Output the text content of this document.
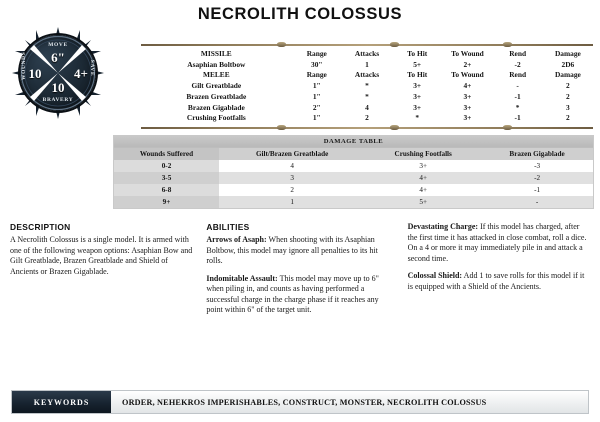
NECROLITH COLOSSUS
MOVE
6"
WOUNDS 10	SAVE
4+
BRAVERY
10
MISSILE	Range	Attacks	To Hit	To Wound	Rend	Damage
Asaphian Boltbow	30"	1	5+	2+	-2	2D6
MELEE	Range	Attacks	To Hit	To Wound	Rend	Damage
Gilt Greatblade	1"	*	3+	4+	-	2
Brazen Greatblade	1"	*	3+	3+	-1	2
Brazen Gigablade	2"	4	3+	3+	*	3
Crushing Footfalls	1"	2	*	3+	-1	2
DAMAGE TABLE
Wounds Suffered	Gilt/Brazen Greatblade	Crushing Footfalls	Brazen Gigablade
0-2	4	3+	-3
3-5	3	4+	-2
6-8	2	4+	-1
9+	1	5+	-
DESCRIPTION

A Necrolith Colossus is a single model. It is armed with one of the following weapon options: Asaphian Bow and Gilt Greatblade, Brazen Greatblade and Shield of Ancients or Brazen Gigablade.

ABILITIES

Arrows of Asaph: When shooting with its Asaphian Boltbow, this model may ignore all penalties to its hit rolls.

Indomitable Assault: This model may move up to 6" when piling in, and counts as having performed a successful charge in the charge phase if it reaches any point within 6" of the target unit.

Devastating Charge: If this model has charged, after the first time it has attacked in close combat, roll a dice. On a 4 or more it may immediately pile in and attack a second time.

Colossal Shield: Add 1 to save rolls for this model if it is equipped with a Shield of the Ancients.

KEYWORDS	ORDER, NEHEKROS IMPERISHABLES, CONSTRUCT, MONSTER, NECROLITH COLOSSUS
